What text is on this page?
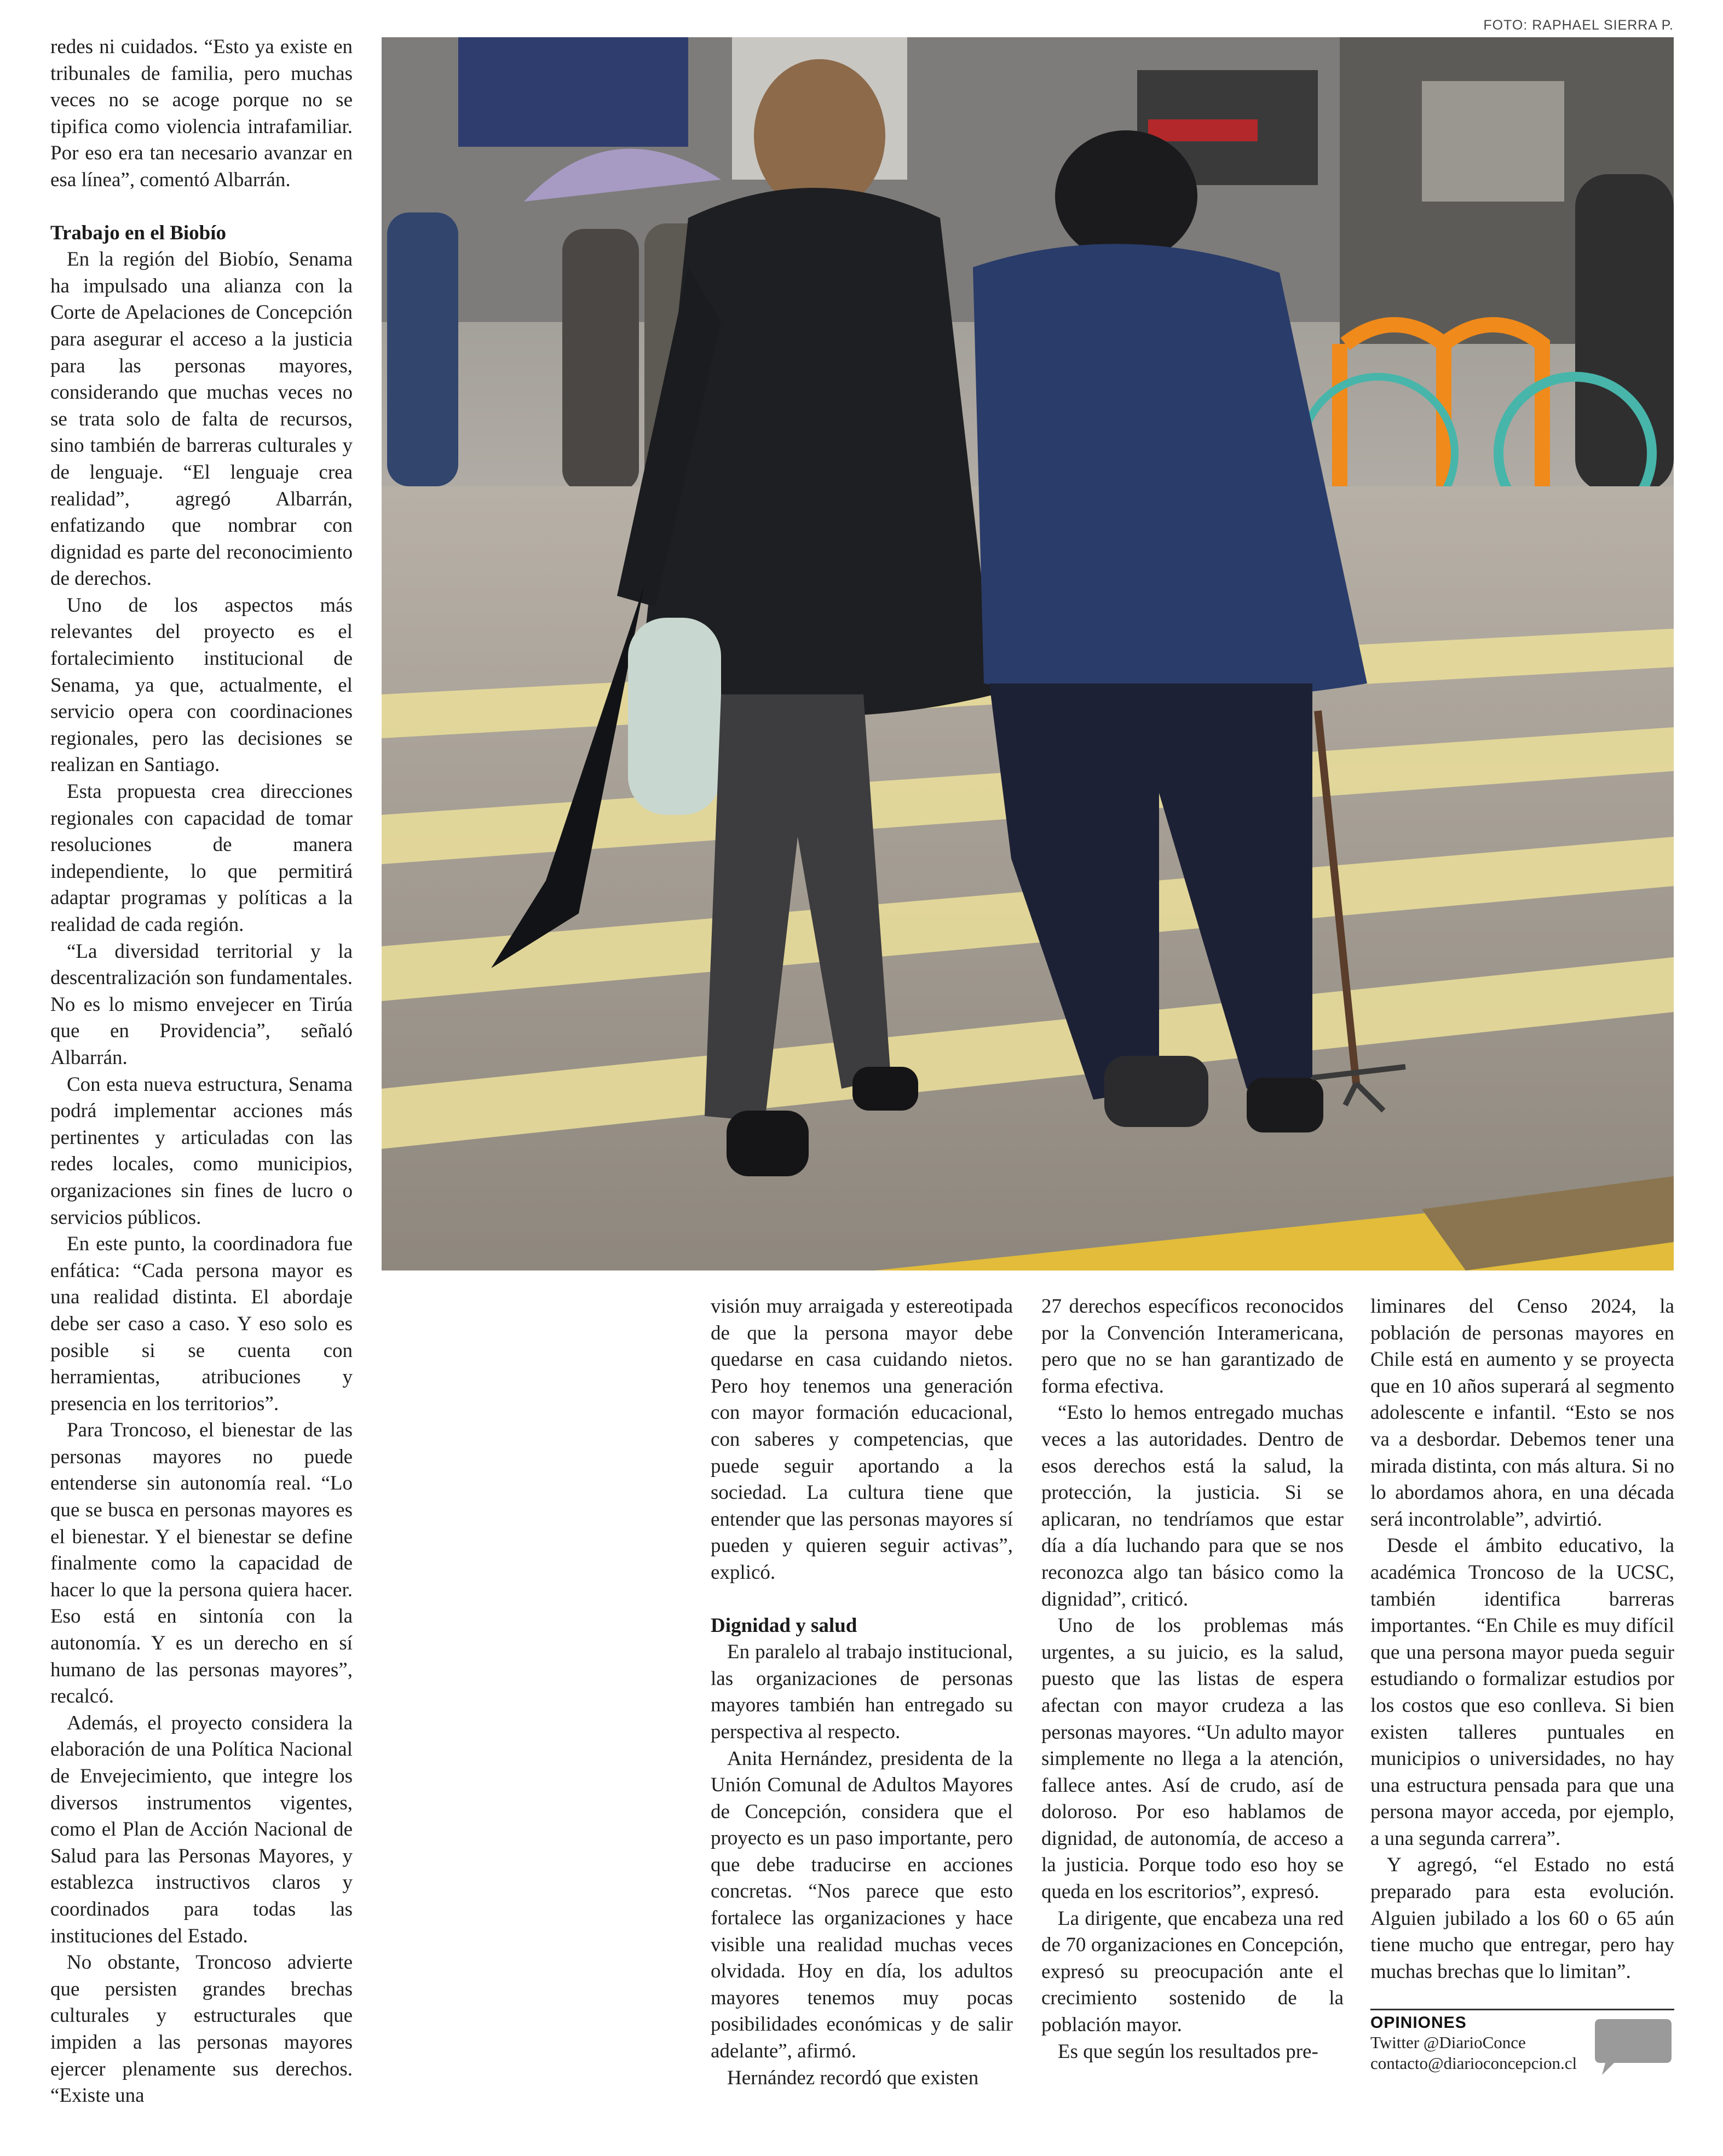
FOTO: RAPHAEL SIERRA P.

redes ni cuidados. “Esto ya existe en tribunales de familia, pero muchas veces no se acoge porque no se tipifica como violencia intrafamiliar. Por eso era tan necesario avanzar en esa línea”, comentó Albarrán.

Trabajo en el Biobío

En la región del Biobío, Senama ha impulsado una alianza con la Corte de Apelaciones de Concepción para asegurar el acceso a la justicia para las personas mayores, considerando que muchas veces no se trata solo de falta de recursos, sino también de barreras culturales y de lenguaje. “El lenguaje crea realidad”, agregó Albarrán, enfatizando que nombrar con dignidad es parte del reconocimiento de derechos.

Uno de los aspectos más relevantes del proyecto es el fortalecimiento institucional de Senama, ya que, actualmente, el servicio opera con coordinaciones regionales, pero las decisiones se realizan en Santiago.

Esta propuesta crea direcciones regionales con capacidad de tomar resoluciones de manera independiente, lo que permitirá adaptar programas y políticas a la realidad de cada región.

“La diversidad territorial y la descentralización son fundamentales. No es lo mismo envejecer en Tirúa que en Providencia”, señaló Albarrán.

Con esta nueva estructura, Senama podrá implementar acciones más pertinentes y articuladas con las redes locales, como municipios, organizaciones sin fines de lucro o servicios públicos.

En este punto, la coordinadora fue enfática: “Cada persona mayor es una realidad distinta. El abordaje debe ser caso a caso. Y eso solo es posible si se cuenta con herramientas, atribuciones y presencia en los territorios”.

Para Troncoso, el bienestar de las personas mayores no puede entenderse sin autonomía real. “Lo que se busca en personas mayores es el bienestar. Y el bienestar se define finalmente como la capacidad de hacer lo que la persona quiera hacer. Eso está en sintonía con la autonomía. Y es un derecho en sí humano de las personas mayores”, recalcó.

Además, el proyecto considera la elaboración de una Política Nacional de Envejecimiento, que integre los diversos instrumentos vigentes, como el Plan de Acción Nacional de Salud para las Personas Mayores, y establezca instructivos claros y coordinados para todas las instituciones del Estado.

No obstante, Troncoso advierte que persisten grandes brechas culturales y estructurales que impiden a las personas mayores ejercer plenamente sus derechos. “Existe una

visión muy arraigada y estereotipada de que la persona mayor debe quedarse en casa cuidando nietos. Pero hoy tenemos una generación con mayor formación educacional, con saberes y competencias, que puede seguir aportando a la sociedad. La cultura tiene que entender que las personas mayores sí pueden y quieren seguir activas”, explicó.

Dignidad y salud

En paralelo al trabajo institucional, las organizaciones de personas mayores también han entregado su perspectiva al respecto.

Anita Hernández, presidenta de la Unión Comunal de Adultos Mayores de Concepción, considera que el proyecto es un paso importante, pero que debe traducirse en acciones concretas. “Nos parece que esto fortalece las organizaciones y hace visible una realidad muchas veces olvidada. Hoy en día, los adultos mayores tenemos muy pocas posibilidades económicas y de salir adelante”, afirmó.

Hernández recordó que existen

27 derechos específicos reconocidos por la Convención Interamericana, pero que no se han garantizado de forma efectiva.

“Esto lo hemos entregado muchas veces a las autoridades. Dentro de esos derechos está la salud, la protección, la justicia. Si se aplicaran, no tendríamos que estar día a día luchando para que se nos reconozca algo tan básico como la dignidad”, criticó.

Uno de los problemas más urgentes, a su juicio, es la salud, puesto que las listas de espera afectan con mayor crudeza a las personas mayores. “Un adulto mayor simplemente no llega a la atención, fallece antes. Así de crudo, así de doloroso. Por eso hablamos de dignidad, de autonomía, de acceso a la justicia. Porque todo eso hoy se queda en los escritorios”, expresó.

La dirigente, que encabeza una red de 70 organizaciones en Concepción, expresó su preocupación ante el crecimiento sostenido de la población mayor.

Es que según los resultados pre-

liminares del Censo 2024, la población de personas mayores en Chile está en aumento y se proyecta que en 10 años superará al segmento adolescente e infantil. “Esto se nos va a desbordar. Debemos tener una mirada distinta, con más altura. Si no lo abordamos ahora, en una década será incontrolable”, advirtió.

Desde el ámbito educativo, la académica Troncoso de la UCSC, también identifica barreras importantes. “En Chile es muy difícil que una persona mayor pueda seguir estudiando o formalizar estudios por los costos que eso conlleva. Si bien existen talleres puntuales en municipios o universidades, no hay una estructura pensada para que una persona mayor acceda, por ejemplo, a una segunda carrera”.

Y agregó, “el Estado no está preparado para esta evolución. Alguien jubilado a los 60 o 65 aún tiene mucho que entregar, pero hay muchas brechas que lo limitan”.

OPINIONES
Twitter @DiarioConce
contacto@diarioconcepcion.cl
